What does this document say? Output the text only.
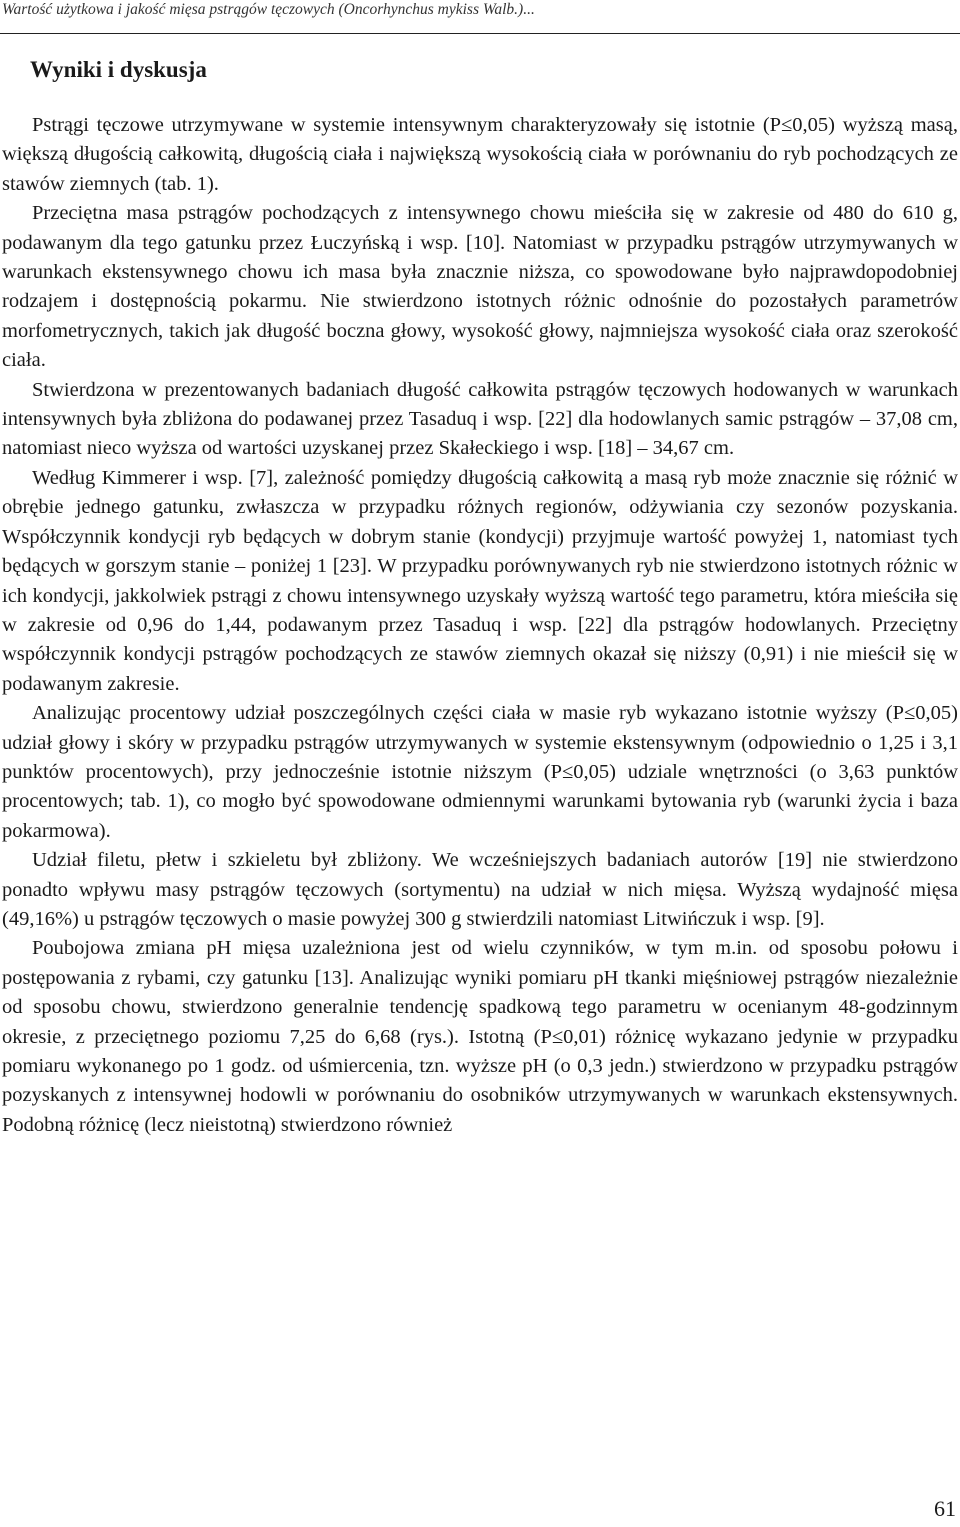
Wartość użytkowa i jakość mięsa pstrągów tęczowych (Oncorhynchus mykiss Walb.)...
Wyniki i dyskusja

Pstrągi tęczowe utrzymywane w systemie intensywnym charakteryzowały się istotnie (P≤0,05) wyższą masą, większą długością całkowitą, długością ciała i największą wysokością ciała w porównaniu do ryb pochodzących ze stawów ziemnych (tab. 1).

Przeciętna masa pstrągów pochodzących z intensywnego chowu mieściła się w zakresie od 480 do 610 g, podawanym dla tego gatunku przez Łuczyńską i wsp. [10]. Natomiast w przypadku pstrągów utrzymywanych w warunkach ekstensywnego chowu ich masa była znacznie niższa, co spowodowane było najprawdopodobniej rodzajem i dostępnością pokarmu. Nie stwierdzono istotnych różnic odnośnie do pozostałych parametrów morfometrycznych, takich jak długość boczna głowy, wysokość głowy, najmniejsza wysokość ciała oraz szerokość ciała.

Stwierdzona w prezentowanych badaniach długość całkowita pstrągów tęczowych hodowanych w warunkach intensywnych była zbliżona do podawanej przez Tasaduq i wsp. [22] dla hodowlanych samic pstrągów – 37,08 cm, natomiast nieco wyższa od wartości uzyskanej przez Skałeckiego i wsp. [18] – 34,67 cm.

Według Kimmerer i wsp. [7], zależność pomiędzy długością całkowitą a masą ryb może znacznie się różnić w obrębie jednego gatunku, zwłaszcza w przypadku różnych regionów, odżywiania czy sezonów pozyskania. Współczynnik kondycji ryb będących w dobrym stanie (kondycji) przyjmuje wartość powyżej 1, natomiast tych będących w gorszym stanie – poniżej 1 [23]. W przypadku porównywanych ryb nie stwierdzono istotnych różnic w ich kondycji, jakkolwiek pstrągi z chowu intensywnego uzyskały wyższą wartość tego parametru, która mieściła się w zakresie od 0,96 do 1,44, podawanym przez Tasaduq i wsp. [22] dla pstrągów hodowlanych. Przeciętny współczynnik kondycji pstrągów pochodzących ze stawów ziemnych okazał się niższy (0,91) i nie mieścił się w podawanym zakresie.

Analizując procentowy udział poszczególnych części ciała w masie ryb wykazano istotnie wyższy (P≤0,05) udział głowy i skóry w przypadku pstrągów utrzymywanych w systemie ekstensywnym (odpowiednio o 1,25 i 3,1 punktów procentowych), przy jednocześnie istotnie niższym (P≤0,05) udziale wnętrzności (o 3,63 punktów procentowych; tab. 1), co mogło być spowodowane odmiennymi warunkami bytowania ryb (warunki życia i baza pokarmowa).

Udział filetu, płetw i szkieletu był zbliżony. We wcześniejszych badaniach autorów [19] nie stwierdzono ponadto wpływu masy pstrągów tęczowych (sortymentu) na udział w nich mięsa. Wyższą wydajność mięsa (49,16%) u pstrągów tęczowych o masie powyżej 300 g stwierdzili natomiast Litwińczuk i wsp. [9].

Poubojowa zmiana pH mięsa uzależniona jest od wielu czynników, w tym m.in. od sposobu połowu i postępowania z rybami, czy gatunku [13]. Analizując wyniki pomiaru pH tkanki mięśniowej pstrągów niezależnie od sposobu chowu, stwierdzono generalnie tendencję spadkową tego parametru w ocenianym 48-godzinnym okresie, z przeciętnego poziomu 7,25 do 6,68 (rys.). Istotną (P≤0,01) różnicę wykazano jedynie w przypadku pomiaru wykonanego po 1 godz. od uśmiercenia, tzn. wyższe pH (o 0,3 jedn.) stwierdzono w przypadku pstrągów pozyskanych z intensywnej hodowli w porównaniu do osobników utrzymywanych w warunkach ekstensywnych. Podobną różnicę (lecz nieistotną) stwierdzono również

61
